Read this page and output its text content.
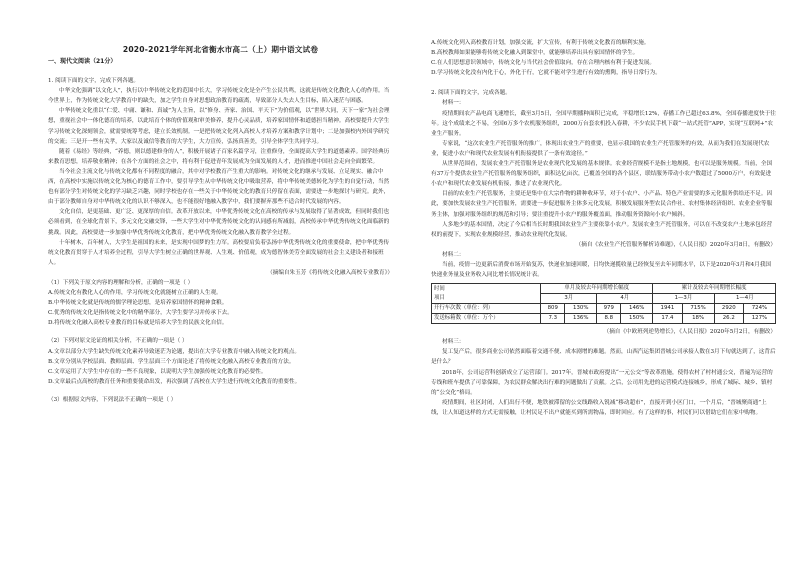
2020-2021学年河北省衡水市高二（上）期中语文试卷

一、现代文阅读（21分）

1. 阅读下面的文字，完成下列各题。

中华文化强调“以文化人”，执行以中华传统文化的范围中长大，学习传统文化是全产生公民共鸣，这就是传统文化教化人心的作用。当今世界上，作为传统文化大学教育中的缺失，加之学生自身对思想政治教育的疏离，导致部分人失去人生目标，陷入迷茫与困惑。

中华传统文化重以“仁爱、中庸、谦和、真诚”为人主旨，以“修身、齐家、治国、平天下”为价值观，以“世界大同，天下一家”为社会理想，重视社会中一体化德育的培养，以此培育个体的价值观和审美修养，提升心灵品质，培养家国情怀和道德担当精神。高校要提升大学生学习传统文化深刻领会，就需要统筹考虑，建立长效机制。一是把传统文化列入高校人才培养方案和教学计划中；二是加强校内外国学研究的交流；三是开一些有关孝，大家以及诚信等教育的大学生，大力宣传，弘扬真善美，引导全体学生共同学习。

随着《易经》等经典，“养德，则以德建修身的人”，积极开展诸子百家名篇学习，注重修身，全面提高大学生的道德素养。国学经典历来教育思想，培养敬业精神；在各个方面的社会之中，将有利于促进青年发展成为全面发展的人才，进而推进中国社会走向全面繁荣。

当今社会主流文化与传统文化都有不同程度的融合，其中对学校教育产生重大的影响。对传统文化的继承与发展、立足现实、融合中西，在高校中实施以传统文化为核心的德育工作中，要引导学生从中华传统文化中吸取营养，将中华传统美德转化为学生的自觉行动，当然也有部分学生对传统文化的学习缺乏兴趣，同时学校也存在一些关于中华传统文化的教育只停留在表面，需要进一步地探讨与研究。此外，由于部分教师自身对中华传统文化的认识不够深入，也不能很好地融入教学中，我们要摒弃那些不适合时代发展的内容。

文化自信，是更基础、更广泛、更深厚的自信。改革开放以来，中华优秀传统文化在高校的传承与发展取得了显著成效，但同时我们也必须看到，在全球化背景下，多元文化交融交锋，一些大学生对中华优秀传统文化的认同感有所减弱，高校传承中华优秀传统文化面临新的挑战。因此，高校要进一步加强中华优秀传统文化教育，把中华优秀传统文化融入教育教学全过程。

十年树木，百年树人，大学生是祖国的未来，是实现中国梦的生力军。高校要肩负着弘扬中华优秀传统文化的重要使命，把中华优秀传统文化教育贯穿于人才培养全过程，引导大学生树立正确的世界观、人生观、价值观，成为德智体美劳全面发展的社会主义建设者和接班人。

（摘编自朱玉芳《将传统文化融入高校专业教育》）

（1）下列关于原文内容的理解和分析，正确的一项是（ ）

A.传统文化有教化人心的作用，学习传统文化就能树立正确的人生观。

B.中华传统文化就是传统的儒学理论思想，是培养家国情怀的精神食粮。

C.优秀的传统文化是指传统文化中的精华部分，大学生要学习并传承下去。

D.将传统文化融入高校专业教育的目标就是培养大学生的民族文化自信。

（2）下列对原文论证的相关分析，不正确的一项是（ ）

A.文章以部分大学生缺失传统文化素养导致迷茫为论题，提出在大学专业教育中融入传统文化的观点。

B.文章分别从学校层面、教师层面、学生层面三个方面论述了将传统文化融入高校专业教育的方法。

C.文章运用了大学生中存在的一些不良现象，以说明大学生加强传统文化教育的必要性。

D.文章最后点高校的教育任务和重要使命出发，再次强调了高校在大学生进行传统文化教育的重要性。

（3）根据原文内容，下列说法不正确的一项是（ ）

A.传统文化列入高校教育计划，加强交流，扩大宣传，有利于传统文化教育的顺利实施。

B.高校教师如果能够将传统文化融入到课堂中，就能够培养出具有家国情怀的学生。

C.在人们思想意识领域中，传统文化与当代社会价值取向，存在合理内核有利于促进发展。

D.学习传统文化没有内化于心，外化于行，它就不能对学生进行有效的熏陶，指导日常行为。

2. 阅读下面的文字，完成各题。

材料一：

疫情期间农产品电商飞速增长，截至3月5日，全国早期播种面积已完成，平稳增长12%，春播工作已超过63.8%，全国春播进度快于往年。这个成绩来之不易，全国6万多个农机服务组织，2000万台套农机投入春耕，不少农民手机下载“一站式托管”APP，实现“互联网+”农业生产服务。

专家说，“这次农业生产托管服务的推广，体现出农业生产的重要，也显示我国的农业生产托管服务的有效，从而为我们在发展现代农业，促进小农户和现代农业发展有机衔接提供了一条有效途径。”

从世界范围看，发展农业生产托管服务是农业现代化发展的基本规律。农业经营规模不是指土地规模，也可以是服务规模。当前，全国有37万个提供农业生产托管服务的服务组织，面积达亿亩次，已覆盖全国的各个县区，联结服务带动小农户数超过了5000万户，有效促进小农户和现代农业发展有机衔接，推进了农业现代化。

目前的农业生产托管服务，主要还是集中在大宗作物的耕种收环节，对于小农户、小产品、特色产业需要的多元化服务供给还不足。因此，要加快发展农业生产托管服务，需要进一步促进服务主体多元化发展，积极发展服务型农民合作社、农村集体经济组织、农业企业等服务主体，加强对服务组织的规范和引导；要注重提升小农户的服务覆盖面，推动服务资源向小农户倾斜。

人多地少的基本国情，决定了今后相当长时期我国农业生产主要依靠小农户。发展农业生产托管服务，可以在不改变农户土地承包经营权的前提下，实现农业规模经营，推动农业现代化发展。

（摘自《农业生产托管服务解析诗难题》，《人民日报》2020年3月8日，有删改）

材料二：

当前，疫情一边更新后消费市场开始复苏，快递业加速回暖，日均快递揽收量已经恢复至去年同期水平，以下是2020年3月和4月我国快递业务量及业务收入同比增长情况统计表。

时间
项目	单月及较去年同期增长幅度				累计及较去年同期增长幅度			
	3月		4月		1—3月		1—4月	
开行车次数（单位：列）	809	130%	979	146%	1941	715%	2920	724%
发送标箱数（单位：万个）	7.3	136%	8.8	150%	17.4	18%	26.2	127%

（摘自《中欧班列逆势增长》，《人民日报》2020年5月2日，有删改）

材料三：

复工复产后，很多商业公司依然面临着交通不便、成本剧增的难题。然而，山西汽运集团晋城公司承接人数在3月下旬就达到了，这背后是什么？

2018年，公司运营科创新成立了运营部门。2017年，晋城市政府提出“一元公交”等改革措施，使得农村了村村通公交，普遍为运营的专线和班车提供了可靠保障，为农民群众解决出行难的问题做出了贡献。之后，公司用先进的运营模式连接城乡，形成了城际、城乡、镇村的“公交化”格局。

疫情期间，社区封闭，人们出行不便，地铁被滞留的公交线路收入锐减“移动超市”，直接开到小区门口，一个月后，“晋城聚商通”上线，让人知道这样的方式无需接触，让村民足不出户就能买到所需物品，即时回应。有了这样的事，村民们可以借助它们在家中购物。
